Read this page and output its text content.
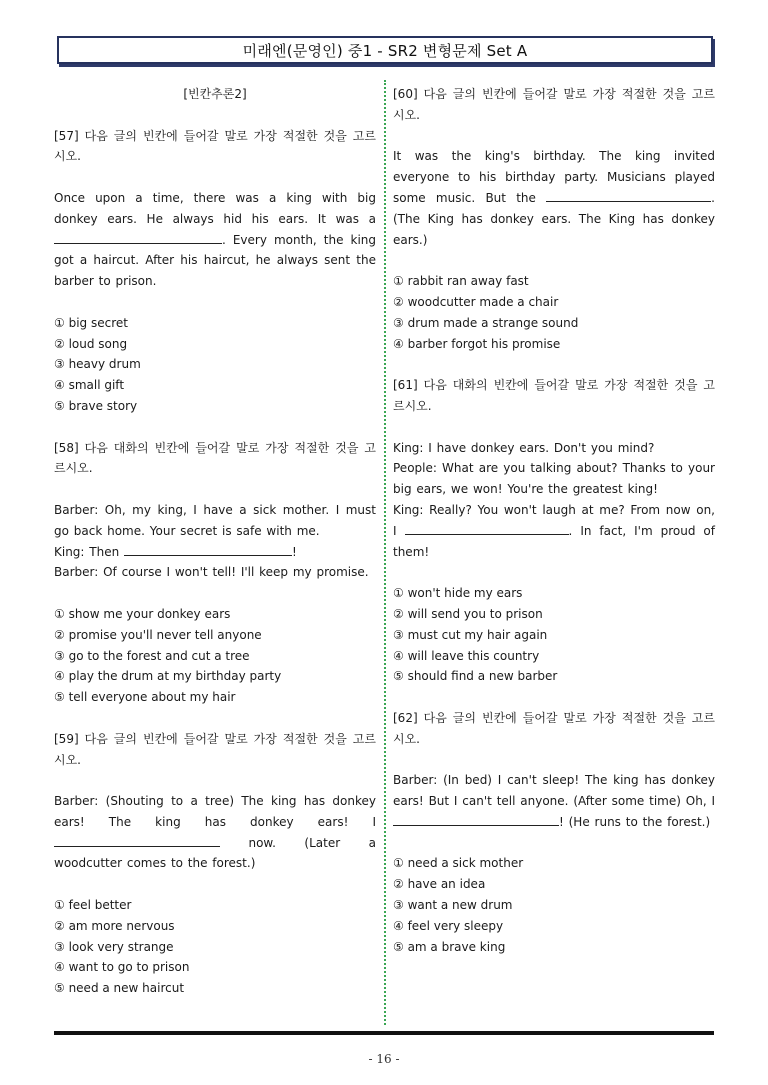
미래엔(문영인) 중1 - SR2 변형문제 Set A

[빈칸추론2]

[57] 다음 글의 빈칸에 들어갈 말로 가장 적절한 것을 고르시오.

Once upon a time, there was a king with big donkey ears. He always hid his ears. It was a . Every month, the king got a haircut. After his haircut, he always sent the barber to prison.

① big secret

② loud song

③ heavy drum

④ small gift

⑤ brave story

[58] 다음 대화의 빈칸에 들어갈 말로 가장 적절한 것을 고르시오.

Barber: Oh, my king, I have a sick mother. I must go back home. Your secret is safe with me.

King: Then	!

Barber: Of course I won't tell! I'll keep my promise.

① show me your donkey ears

② promise you'll never tell anyone

③ go to the forest and cut a tree

④ play the drum at my birthday party

⑤ tell everyone about my hair

[59] 다음 글의 빈칸에 들어갈 말로 가장 적절한 것을 고르시오.

Barber: (Shouting to a tree) The king has donkey ears! The king has donkey ears! I  now. (Later a woodcutter comes to the forest.)

① feel better

② am more nervous

③ look very strange

④ want to go to prison

⑤ need a new haircut

[60] 다음 글의 빈칸에 들어갈 말로 가장 적절한 것을 고르시오.

It was the king's birthday. The king invited everyone to his birthday party. Musicians played some music. But the	. (The King has donkey ears. The King has donkey ears.)

① rabbit ran away fast

② woodcutter made a chair

③ drum made a strange sound

④ barber forgot his promise

[61] 다음 대화의 빈칸에 들어갈 말로 가장 적절한 것을 고르시오.

King: I have donkey ears. Don't you mind?

People: What are you talking about? Thanks to your big ears, we won! You're the greatest king!

King: Really? You won't laugh at me? From now on, I	. In fact, I'm proud of them!

① won't hide my ears

② will send you to prison

③ must cut my hair again

④ will leave this country

⑤ should find a new barber

[62] 다음 글의 빈칸에 들어갈 말로 가장 적절한 것을 고르시오.

Barber: (In bed) I can't sleep! The king has donkey ears! But I can't tell anyone. (After some time) Oh, I ! (He runs to the forest.)

① need a sick mother

② have an idea

③ want a new drum

④ feel very sleepy

⑤ am a brave king

- 16 -
